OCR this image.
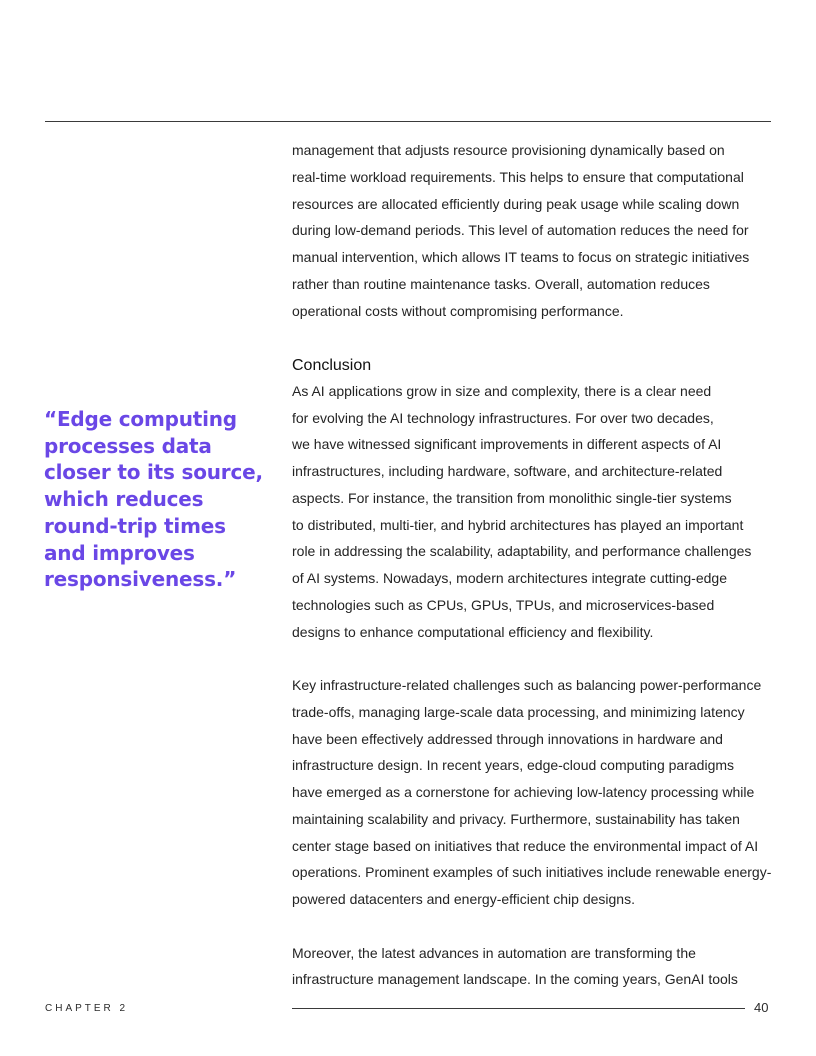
“Edge computing
processes data
closer to its source,
which reduces
round-trip times
and improves
responsiveness.”

management that adjusts resource provisioning dynamically based on
real-time workload requirements. This helps to ensure that computational
resources are allocated efficiently during peak usage while scaling down
during low-demand periods. This level of automation reduces the need for
manual intervention, which allows IT teams to focus on strategic initiatives
rather than routine maintenance tasks. Overall, automation reduces
operational costs without compromising performance.

Conclusion

As AI applications grow in size and complexity, there is a clear need
for evolving the AI technology infrastructures. For over two decades,
we have witnessed significant improvements in different aspects of AI
infrastructures, including hardware, software, and architecture-related
aspects. For instance, the transition from monolithic single-tier systems
to distributed, multi-tier, and hybrid architectures has played an important
role in addressing the scalability, adaptability, and performance challenges
of AI systems. Nowadays, modern architectures integrate cutting-edge
technologies such as CPUs, GPUs, TPUs, and microservices-based
designs to enhance computational efficiency and flexibility.

Key infrastructure-related challenges such as balancing power-performance
trade-offs, managing large-scale data processing, and minimizing latency
have been effectively addressed through innovations in hardware and
infrastructure design. In recent years, edge-cloud computing paradigms
have emerged as a cornerstone for achieving low-latency processing while
maintaining scalability and privacy. Furthermore, sustainability has taken
center stage based on initiatives that reduce the environmental impact of AI
operations. Prominent examples of such initiatives include renewable energy-
powered datacenters and energy-efficient chip designs.

Moreover, the latest advances in automation are transforming the
infrastructure management landscape. In the coming years, GenAI tools

CHAPTER 2	40
